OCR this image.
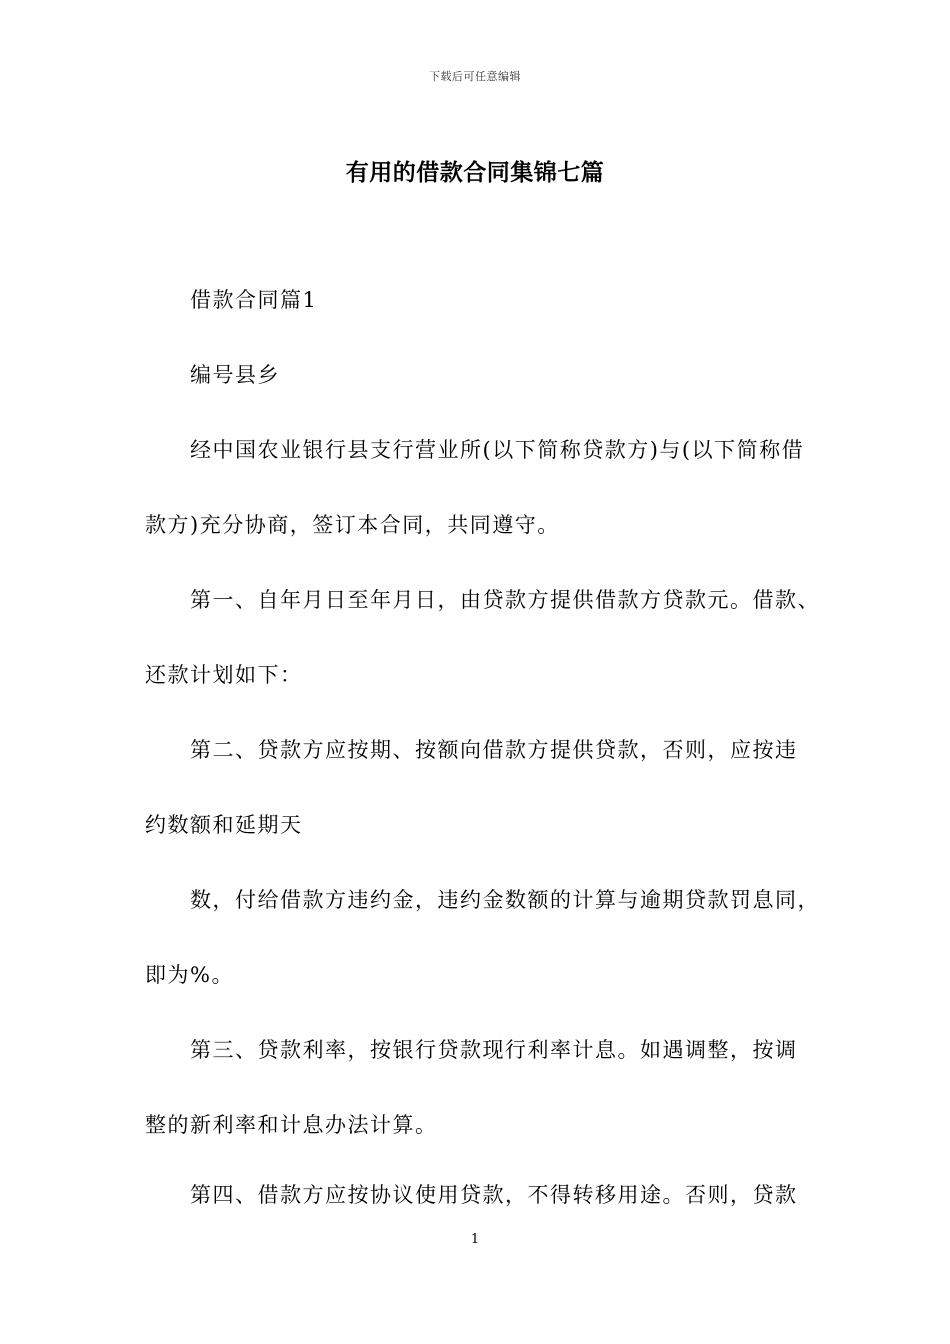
下载后可任意编辑
有用的借款合同集锦七篇
借款合同篇1
编号县乡
经中国农业银行县支行营业所(以下简称贷款方)与(以下简称借
款方)充分协商，签订本合同，共同遵守。
第一、自年月日至年月日，由贷款方提供借款方贷款元。借款、
还款计划如下：
第二、贷款方应按期、按额向借款方提供贷款，否则，应按违
约数额和延期天
数，付给借款方违约金，违约金数额的计算与逾期贷款罚息同，
即为%。
第三、贷款利率，按银行贷款现行利率计息。如遇调整，按调
整的新利率和计息办法计算。
第四、借款方应按协议使用贷款，不得转移用途。否则，贷款
1
